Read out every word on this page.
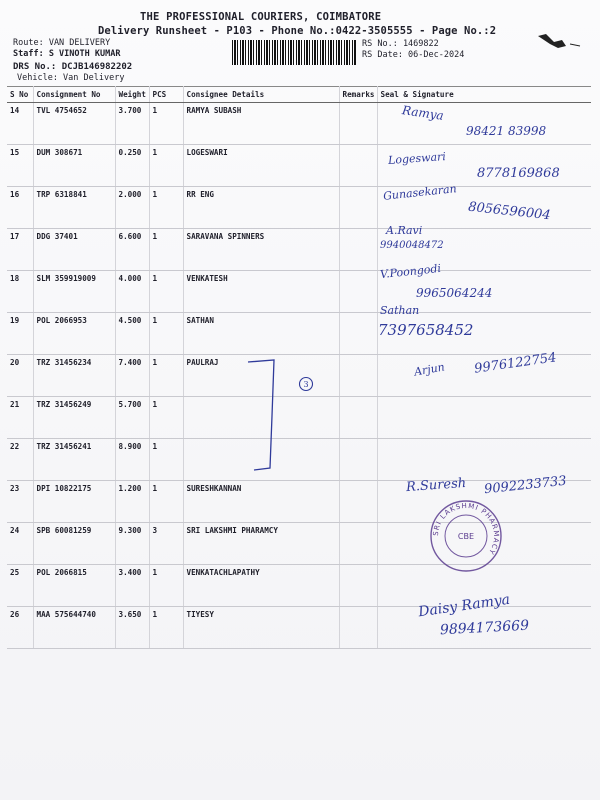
THE PROFESSIONAL COURIERS, COIMBATORE
Delivery Runsheet - P103 - Phone No.:0422-3505555 - Page No.:2
Route: VAN DELIVERY
Staff: S VINOTH KUMAR
DRS No.: DCJB146982202
Vehicle: Van Delivery
RS No.: 1469822
RS Date: 06-Dec-2024
S No	Consignment No	Weight	PCS	Consignee Details	Remarks	Seal & Signature
14	TVL 4754652	3.700	1	RAMYA SUBASH		
15	DUM 308671	0.250	1	LOGESWARI		
16	TRP 6318841	2.000	1	RR ENG		
17	DDG 37401	6.600	1	SARAVANA SPINNERS		
18	SLM 359919009	4.000	1	VENKATESH		
19	POL 2066953	4.500	1	SATHAN		
20	TRZ 31456234	7.400	1	PAULRAJ		
21	TRZ 31456249	5.700	1			
22	TRZ 31456241	8.900	1			
23	DPI 10822175	1.200	1	SURESHKANNAN		
24	SPB 60081259	9.300	3	SRI LAKSHMI PHARAMCY		
25	POL 2066815	3.400	1	VENKATACHLAPATHY		
26	MAA 575644740	3.650	1	TIYESY		
Ramya
98421 83998
Logeswari
8778169868
Gunasekaran
8056596004
A.Ravi
9940048472
V.Poongodi
9965064244
Sathan
7397658452
Arjun 9976122754
3
R.Suresh 9092233733
SRI LAKSHMI PHARMACY
CBE
Daisy Ramya
9894173669
